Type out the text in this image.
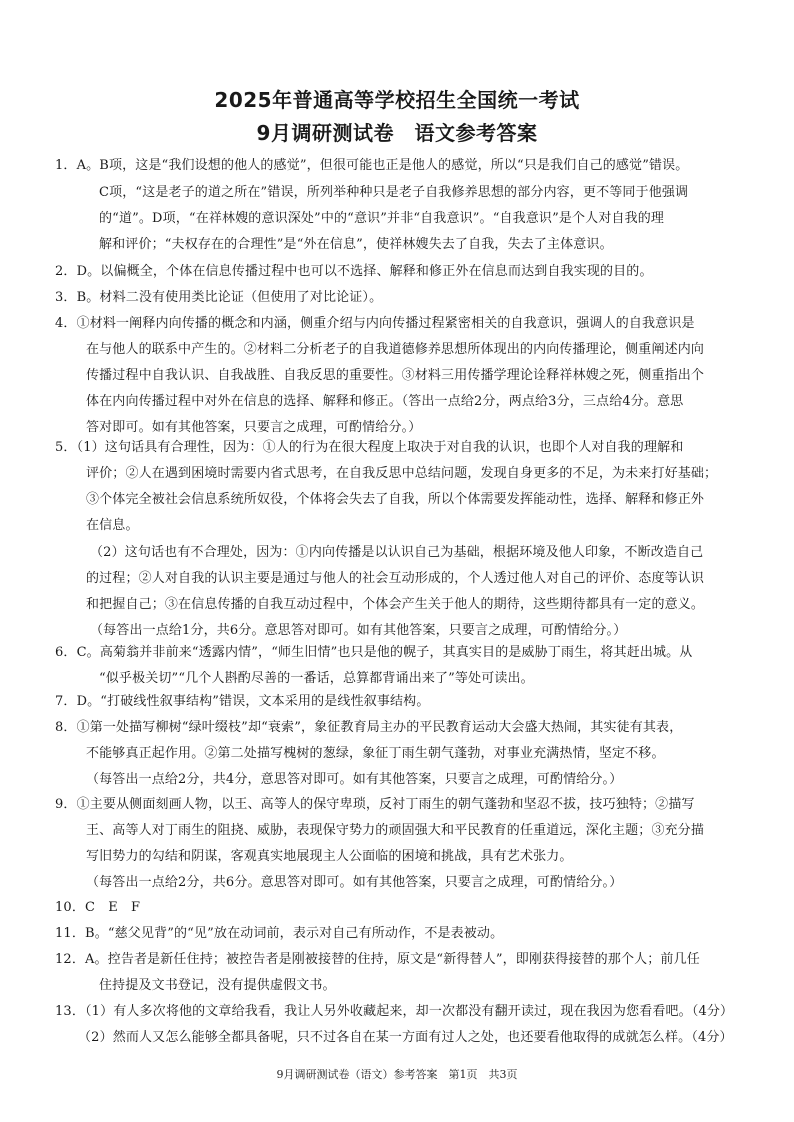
2025年普通高等学校招生全国统一考试
9月调研测试卷　语文参考答案
1．A。B项，这是“我们设想的他人的感觉”，但很可能也正是他人的感觉，所以“只是我们自己的感觉”错误。
C项，“这是老子的道之所在”错误，所列举种种只是老子自我修养思想的部分内容，更不等同于他强调
的“道”。D项，“在祥林嫂的意识深处”中的“意识”并非“自我意识”。“自我意识”是个人对自我的理
解和评价；“夫权存在的合理性”是“外在信息”，使祥林嫂失去了自我，失去了主体意识。
2．D。以偏概全，个体在信息传播过程中也可以不选择、解释和修正外在信息而达到自我实现的目的。
3．B。材料二没有使用类比论证（但使用了对比论证）。
4．①材料一阐释内向传播的概念和内涵，侧重介绍与内向传播过程紧密相关的自我意识，强调人的自我意识是
在与他人的联系中产生的。②材料二分析老子的自我道德修养思想所体现出的内向传播理论，侧重阐述内向
传播过程中自我认识、自我战胜、自我反思的重要性。③材料三用传播学理论诠释祥林嫂之死，侧重指出个
体在内向传播过程中对外在信息的选择、解释和修正。（答出一点给2分，两点给3分，三点给4分。意思
答对即可。如有其他答案，只要言之成理，可酌情给分。）
5．（1）这句话具有合理性，因为：①人的行为在很大程度上取决于对自我的认识，也即个人对自我的理解和
评价；②人在遇到困境时需要内省式思考，在自我反思中总结问题，发现自身更多的不足，为未来打好基础；
③个体完全被社会信息系统所奴役，个体将会失去了自我，所以个体需要发挥能动性，选择、解释和修正外
在信息。
（2）这句话也有不合理处，因为：①内向传播是以认识自己为基础，根据环境及他人印象，不断改造自己
的过程；②人对自我的认识主要是通过与他人的社会互动形成的，个人透过他人对自己的评价、态度等认识
和把握自己；③在信息传播的自我互动过程中，个体会产生关于他人的期待，这些期待都具有一定的意义。
（每答出一点给1分，共6分。意思答对即可。如有其他答案，只要言之成理，可酌情给分。）
6．C。高菊翁并非前来“透露内情”，“师生旧情”也只是他的幌子，其真实目的是威胁丁雨生，将其赶出城。从
“似乎极关切”“几个人斟酌尽善的一番话，总算都背诵出来了”等处可读出。
7．D。“打破线性叙事结构”错误，文本采用的是线性叙事结构。
8．①第一处描写柳树“绿叶缀枝”却“衰索”，象征教育局主办的平民教育运动大会盛大热闹，其实徒有其表，
不能够真正起作用。②第二处描写槐树的葱绿，象征丁雨生朝气蓬勃，对事业充满热情，坚定不移。
（每答出一点给2分，共4分，意思答对即可。如有其他答案，只要言之成理，可酌情给分。）
9．①主要从侧面刻画人物，以王、高等人的保守卑琐，反衬丁雨生的朝气蓬勃和坚忍不拔，技巧独特；②描写
王、高等人对丁雨生的阻挠、威胁，表现保守势力的顽固强大和平民教育的任重道远，深化主题；③充分描
写旧势力的勾结和阴谋，客观真实地展现主人公面临的困境和挑战，具有艺术张力。
（每答出一点给2分，共6分。意思答对即可。如有其他答案，只要言之成理，可酌情给分。）
10．C　E　F
11．B。“慈父见背”的“见”放在动词前，表示对自己有所动作，不是表被动。
12．A。控告者是新任住持；被控告者是刚被接替的住持，原文是“新得替人”，即刚获得接替的那个人；前几任
住持提及文书登记，没有提供虚假文书。
13．（1）有人多次将他的文章给我看，我让人另外收藏起来，却一次都没有翻开读过，现在我因为您看看吧。（4分）
（2）然而人又怎么能够全都具备呢，只不过各自在某一方面有过人之处，也还要看他取得的成就怎么样。（4分）
9月调研测试卷（语文）参考答案　第1页　共3页
